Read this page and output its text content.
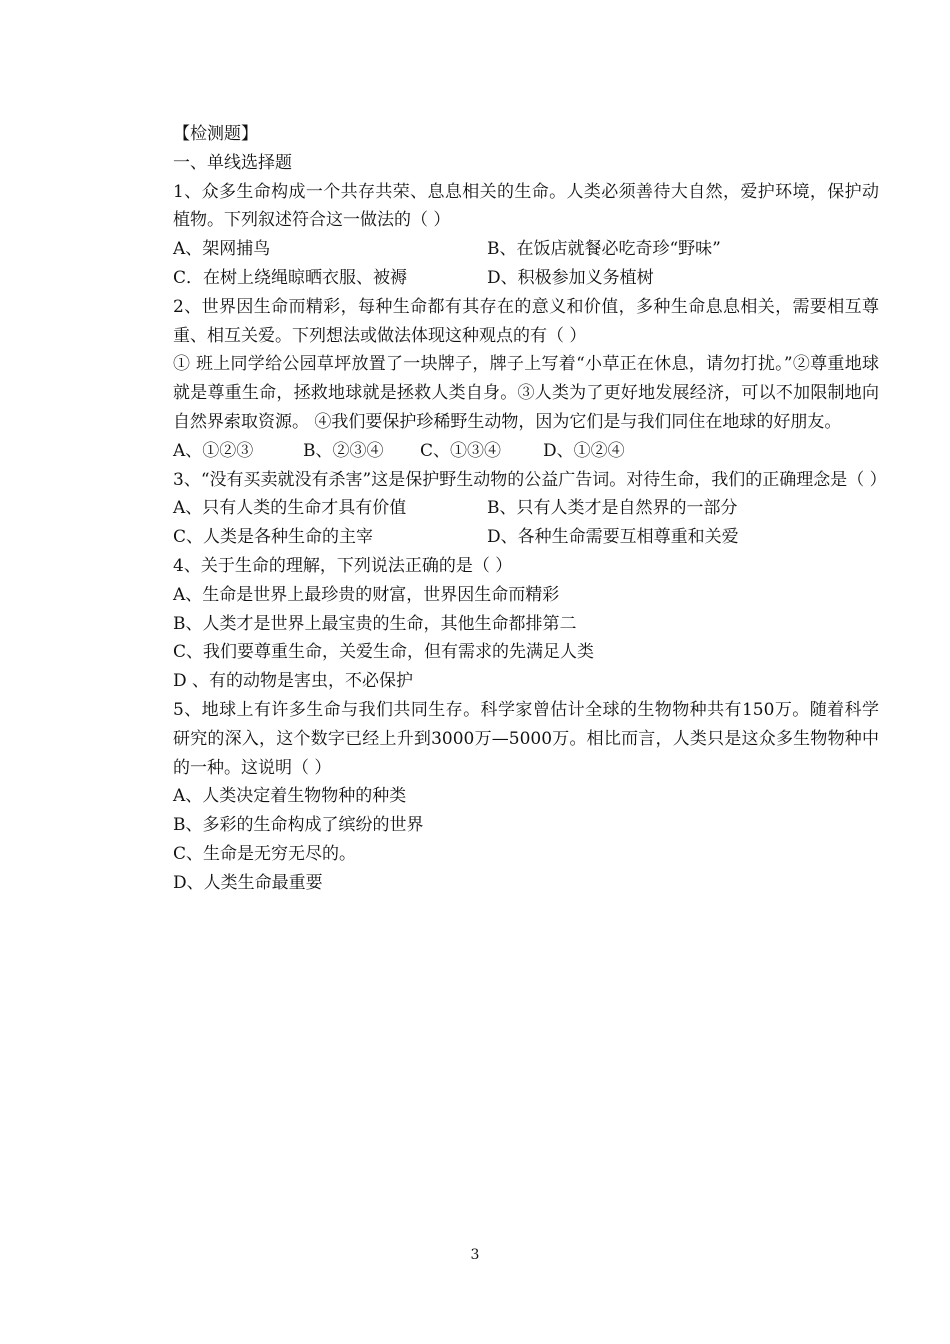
【检测题】
一、单线选择题
1、众多生命构成一个共存共荣、息息相关的生命。人类必须善待大自然，爱护环境，保护动植物。下列叙述符合这一做法的（ ）
A、架网捕鸟	B、在饭店就餐必吃奇珍“野味”
C．在树上绕绳晾晒衣服、被褥	D、积极参加义务植树
2、世界因生命而精彩，每种生命都有其存在的意义和价值，多种生命息息相关，需要相互尊重、相互关爱。下列想法或做法体现这种观点的有（ ）
① 班上同学给公园草坪放置了一块牌子，牌子上写着“小草正在休息，请勿打扰。”②尊重地球就是尊重生命，拯救地球就是拯救人类自身。③人类为了更好地发展经济，可以不加限制地向自然界索取资源。 ④我们要保护珍稀野生动物，因为它们是与我们同住在地球的好朋友。
A、①②③	B、②③④	C、①③④	D、①②④
3、“没有买卖就没有杀害”这是保护野生动物的公益广告词。对待生命，我们的正确理念是（ ）
A、只有人类的生命才具有价值	B、只有人类才是自然界的一部分
C、人类是各种生命的主宰	D、各种生命需要互相尊重和关爱
4、关于生命的理解，下列说法正确的是（ ）
A、生命是世界上最珍贵的财富，世界因生命而精彩
B、人类才是世界上最宝贵的生命，其他生命都排第二
C、我们要尊重生命，关爱生命，但有需求的先满足人类
D 、有的动物是害虫，不必保护
5、地球上有许多生命与我们共同生存。科学家曾估计全球的生物物种共有150万。随着科学研究的深入，这个数字已经上升到3000万—5000万。相比而言，人类只是这众多生物物种中的一种。这说明（ ）
A、人类决定着生物物种的种类
B、多彩的生命构成了缤纷的世界
C、生命是无穷无尽的。
D、人类生命最重要
3
